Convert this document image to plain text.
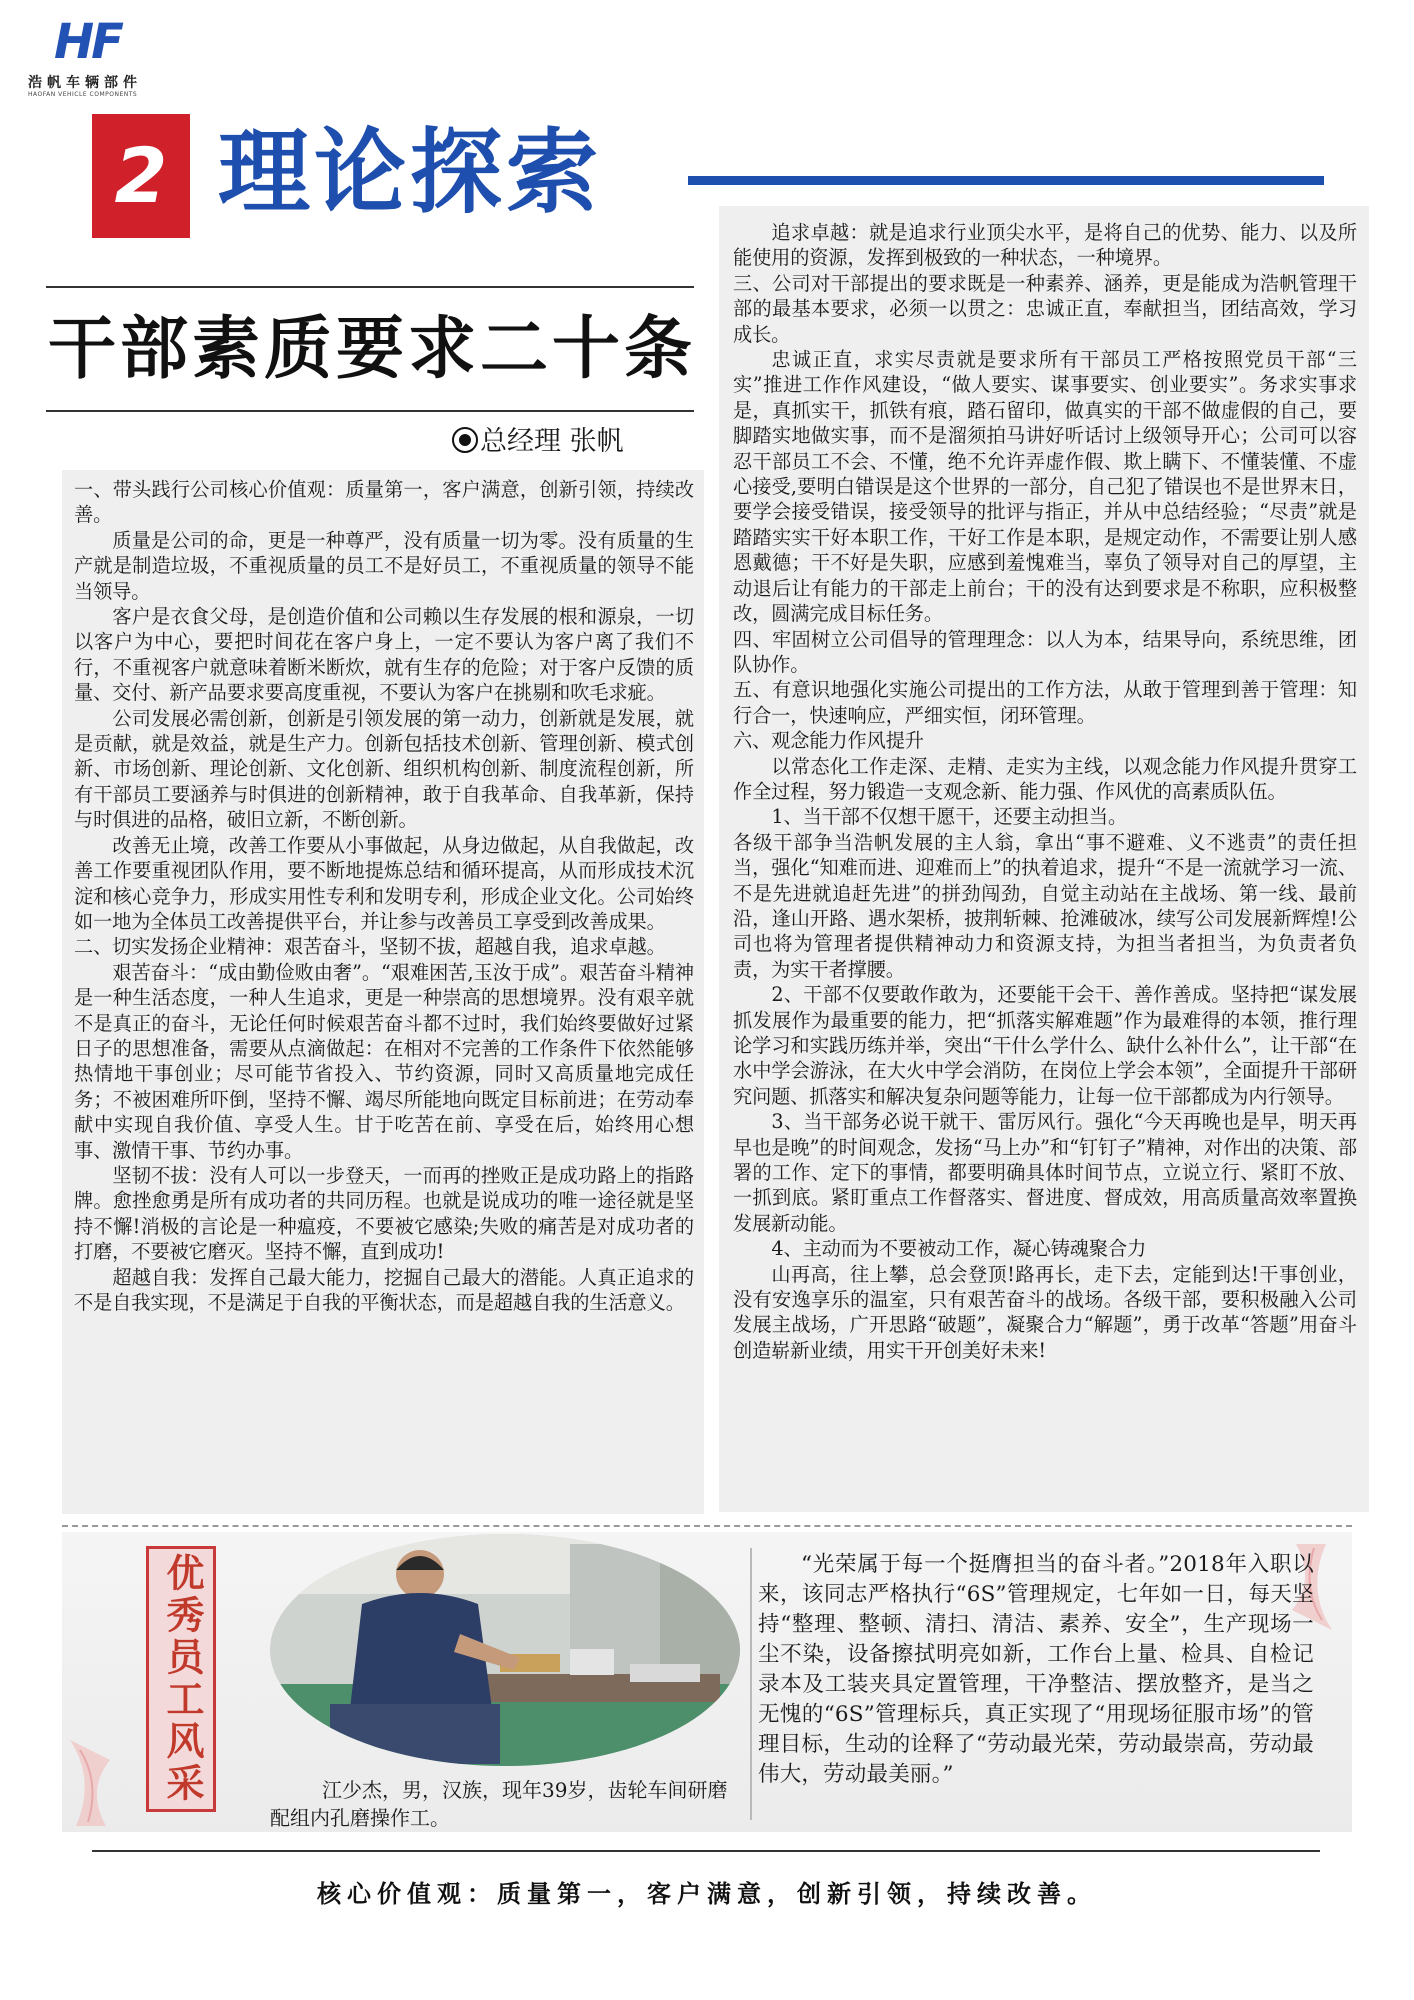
HF
浩帆车辆部件
HAOFAN VEHICLE COMPONENTS
2 理论探索
干部素质要求二十条
总经理 张帆

一、带头践行公司核心价值观：质量第一，客户满意，创新引领，持续改善。

质量是公司的命，更是一种尊严，没有质量一切为零。没有质量的生产就是制造垃圾，不重视质量的员工不是好员工，不重视质量的领导不能当领导。

客户是衣食父母，是创造价值和公司赖以生存发展的根和源泉，一切以客户为中心，要把时间花在客户身上，一定不要认为客户离了我们不行，不重视客户就意味着断米断炊，就有生存的危险；对于客户反馈的质量、交付、新产品要求要高度重视，不要认为客户在挑剔和吹毛求疵。

公司发展必需创新，创新是引领发展的第一动力，创新就是发展，就是贡献，就是效益，就是生产力。创新包括技术创新、管理创新、模式创新、市场创新、理论创新、文化创新、组织机构创新、制度流程创新，所有干部员工要涵养与时俱进的创新精神，敢于自我革命、自我革新，保持与时俱进的品格，破旧立新，不断创新。

改善无止境，改善工作要从小事做起，从身边做起，从自我做起，改善工作要重视团队作用，要不断地提炼总结和循环提高，从而形成技术沉淀和核心竞争力，形成实用性专利和发明专利，形成企业文化。公司始终如一地为全体员工改善提供平台，并让参与改善员工享受到改善成果。

二、切实发扬企业精神：艰苦奋斗，坚韧不拔，超越自我，追求卓越。

艰苦奋斗：“成由勤俭败由奢”。“艰难困苦,玉汝于成”。艰苦奋斗精神是一种生活态度，一种人生追求，更是一种崇高的思想境界。没有艰辛就不是真正的奋斗，无论任何时候艰苦奋斗都不过时，我们始终要做好过紧日子的思想准备，需要从点滴做起：在相对不完善的工作条件下依然能够热情地干事创业；尽可能节省投入、节约资源，同时又高质量地完成任务；不被困难所吓倒，坚持不懈、竭尽所能地向既定目标前进；在劳动奉献中实现自我价值、享受人生。甘于吃苦在前、享受在后，始终用心想事、激情干事、节约办事。

坚韧不拔：没有人可以一步登天，一而再的挫败正是成功路上的指路牌。愈挫愈勇是所有成功者的共同历程。也就是说成功的唯一途径就是坚持不懈!消极的言论是一种瘟疫，不要被它感染;失败的痛苦是对成功者的打磨，不要被它磨灭。坚持不懈，直到成功!

超越自我：发挥自己最大能力，挖掘自己最大的潜能。人真正追求的不是自我实现，不是满足于自我的平衡状态，而是超越自我的生活意义。

追求卓越：就是追求行业顶尖水平，是将自己的优势、能力、以及所能使用的资源，发挥到极致的一种状态，一种境界。

三、公司对干部提出的要求既是一种素养、涵养，更是能成为浩帆管理干部的最基本要求，必须一以贯之：忠诚正直，奉献担当，团结高效，学习成长。

忠诚正直，求实尽责就是要求所有干部员工严格按照党员干部“三实”推进工作作风建设，“做人要实、谋事要实、创业要实”。务求实事求是，真抓实干，抓铁有痕，踏石留印，做真实的干部不做虚假的自己，要脚踏实地做实事，而不是溜须拍马讲好听话讨上级领导开心；公司可以容忍干部员工不会、不懂，绝不允许弄虚作假、欺上瞒下、不懂装懂、不虚心接受,要明白错误是这个世界的一部分，自己犯了错误也不是世界末日，要学会接受错误，接受领导的批评与指正，并从中总结经验；“尽责”就是踏踏实实干好本职工作，干好工作是本职，是规定动作，不需要让别人感恩戴德；干不好是失职，应感到羞愧难当，辜负了领导对自己的厚望，主动退后让有能力的干部走上前台；干的没有达到要求是不称职，应积极整改，圆满完成目标任务。

四、牢固树立公司倡导的管理理念：以人为本，结果导向，系统思维，团队协作。

五、有意识地强化实施公司提出的工作方法，从敢于管理到善于管理：知行合一，快速响应，严细实恒，闭环管理。

六、观念能力作风提升

以常态化工作走深、走精、走实为主线，以观念能力作风提升贯穿工作全过程，努力锻造一支观念新、能力强、作风优的高素质队伍。

1、当干部不仅想干愿干，还要主动担当。

各级干部争当浩帆发展的主人翁，拿出“事不避难、义不逃责”的责任担当，强化“知难而进、迎难而上”的执着追求，提升“不是一流就学习一流、不是先进就追赶先进”的拼劲闯劲，自觉主动站在主战场、第一线、最前沿，逢山开路、遇水架桥，披荆斩棘、抢滩破冰，续写公司发展新辉煌!公司也将为管理者提供精神动力和资源支持，为担当者担当，为负责者负责，为实干者撑腰。

2、干部不仅要敢作敢为，还要能干会干、善作善成。坚持把“谋发展抓发展作为最重要的能力，把“抓落实解难题”作为最难得的本领，推行理论学习和实践历练并举，突出“干什么学什么、缺什么补什么”，让干部“在水中学会游泳，在大火中学会消防，在岗位上学会本领”，全面提升干部研究问题、抓落实和解决复杂问题等能力，让每一位干部都成为内行领导。

3、当干部务必说干就干、雷厉风行。强化“今天再晚也是早，明天再早也是晚”的时间观念，发扬“马上办”和“钉钉子”精神，对作出的决策、部署的工作、定下的事情，都要明确具体时间节点，立说立行、紧盯不放、一抓到底。紧盯重点工作督落实、督进度、督成效，用高质量高效率置换发展新动能。

4、主动而为不要被动工作，凝心铸魂聚合力

山再高，往上攀，总会登顶!路再长，走下去，定能到达!干事创业，没有安逸享乐的温室，只有艰苦奋斗的战场。各级干部，要积极融入公司发展主战场，广开思路“破题”，凝聚合力“解题”，勇于改革“答题”用奋斗创造崭新业绩，用实干开创美好未来!

优秀员工风采	江少杰，男，汉族，现年39岁，齿轮车间研磨配组内孔磨操作工。

“光荣属于每一个挺膺担当的奋斗者。”2018年入职以来，该同志严格执行“6S”管理规定，七年如一日，每天坚持“整理、整顿、清扫、清洁、素养、安全”，生产现场一尘不染，设备擦拭明亮如新，工作台上量、检具、自检记录本及工装夹具定置管理，干净整洁、摆放整齐，是当之无愧的“6S”管理标兵，真正实现了“用现场征服市场”的管理目标，生动的诠释了“劳动最光荣，劳动最崇高，劳动最伟大，劳动最美丽。”

核心价值观：质量第一，客户满意，创新引领，持续改善。
